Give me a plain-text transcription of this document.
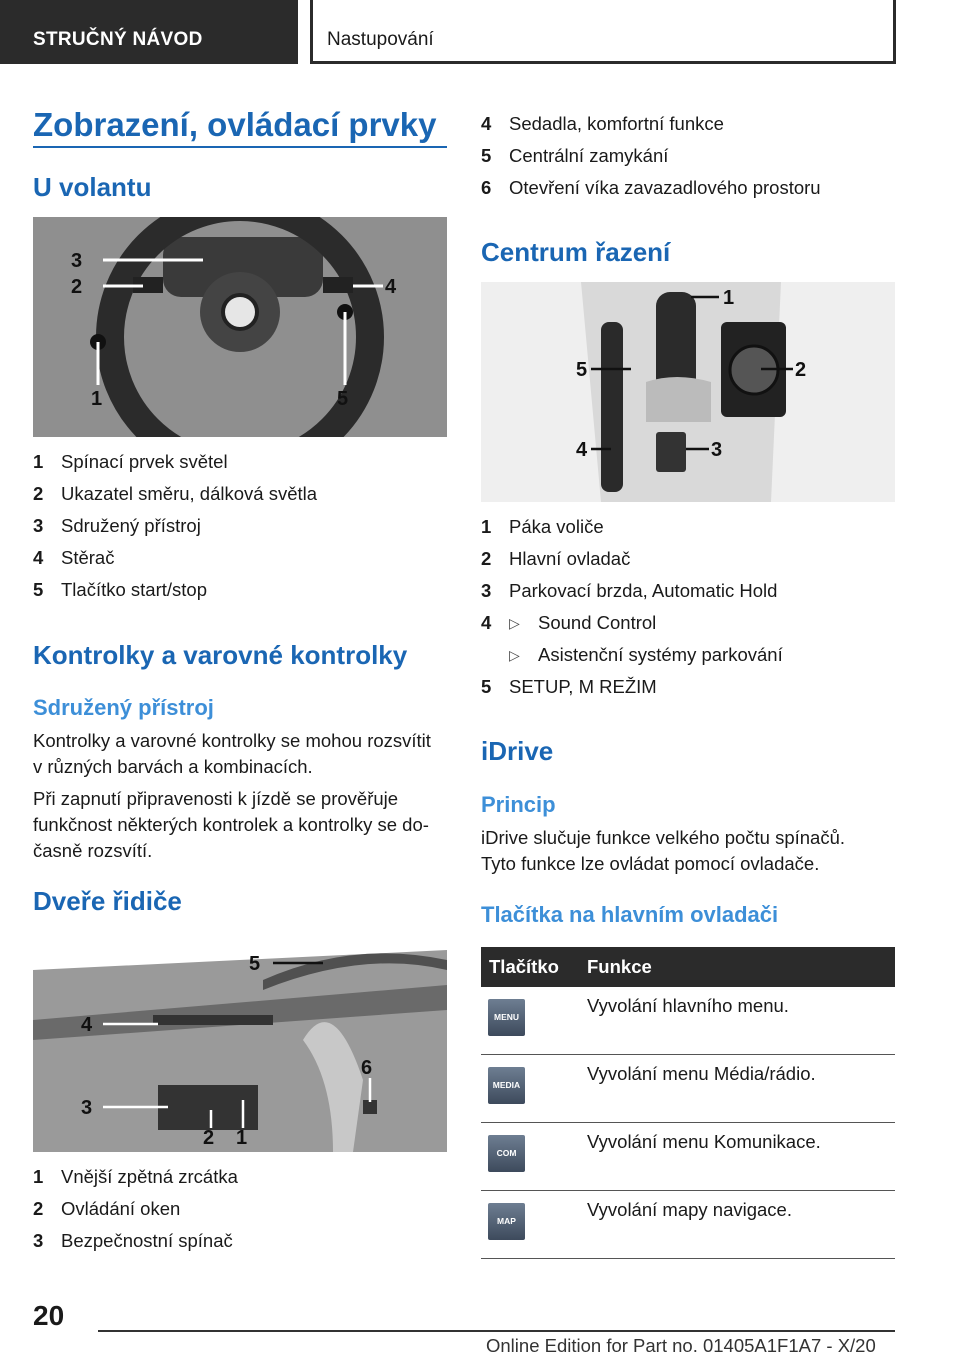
STRUČNÝ NÁVOD	Nastupování
Zobrazení, ovládací prvky
U volantu
3
2	4
1	5
1 Spínací prvek světel
2 Ukazatel směru, dálková světla
3 Sdružený přístroj
4 Stěrač
5 Tlačítko start/stop
Kontrolky a varovné kontrolky
Sdružený přístroj
Kontrolky a varovné kontrolky se mohou rozsvítit
v různých barvách a kombinacích.
Při zapnutí připravenosti k jízdě se prověřuje
funkčnost některých kontrolek a kontrolky se do‐
časně rozsvítí.
Dveře řidiče
5
4
6
3
2 1
1 Vnější zpětná zrcátka
2 Ovládání oken
3 Bezpečnostní spínač
4 Sedadla, komfortní funkce
5 Centrální zamykání
6 Otevření víka zavazadlového prostoru
Centrum řazení
1
5	2
4	3
1 Páka voliče
2 Hlavní ovladač
3 Parkovací brzda, Automatic Hold
4 ▷ Sound Control
▷ Asistenční systémy parkování
5 SETUP, M REŽIM
iDrive
Princip
iDrive slučuje funkce velkého počtu spínačů.
Tyto funkce lze ovládat pomocí ovladače.
Tlačítka na hlavním ovladači
Tlačítko	Funkce

MENU	Vyvolání hlavního menu.

MEDIA	Vyvolání menu Média/rádio.

COM	Vyvolání menu Komunikace.

MAP	Vyvolání mapy navigace.
20
Online Edition for Part no. 01405A1F1A7 - X/20
